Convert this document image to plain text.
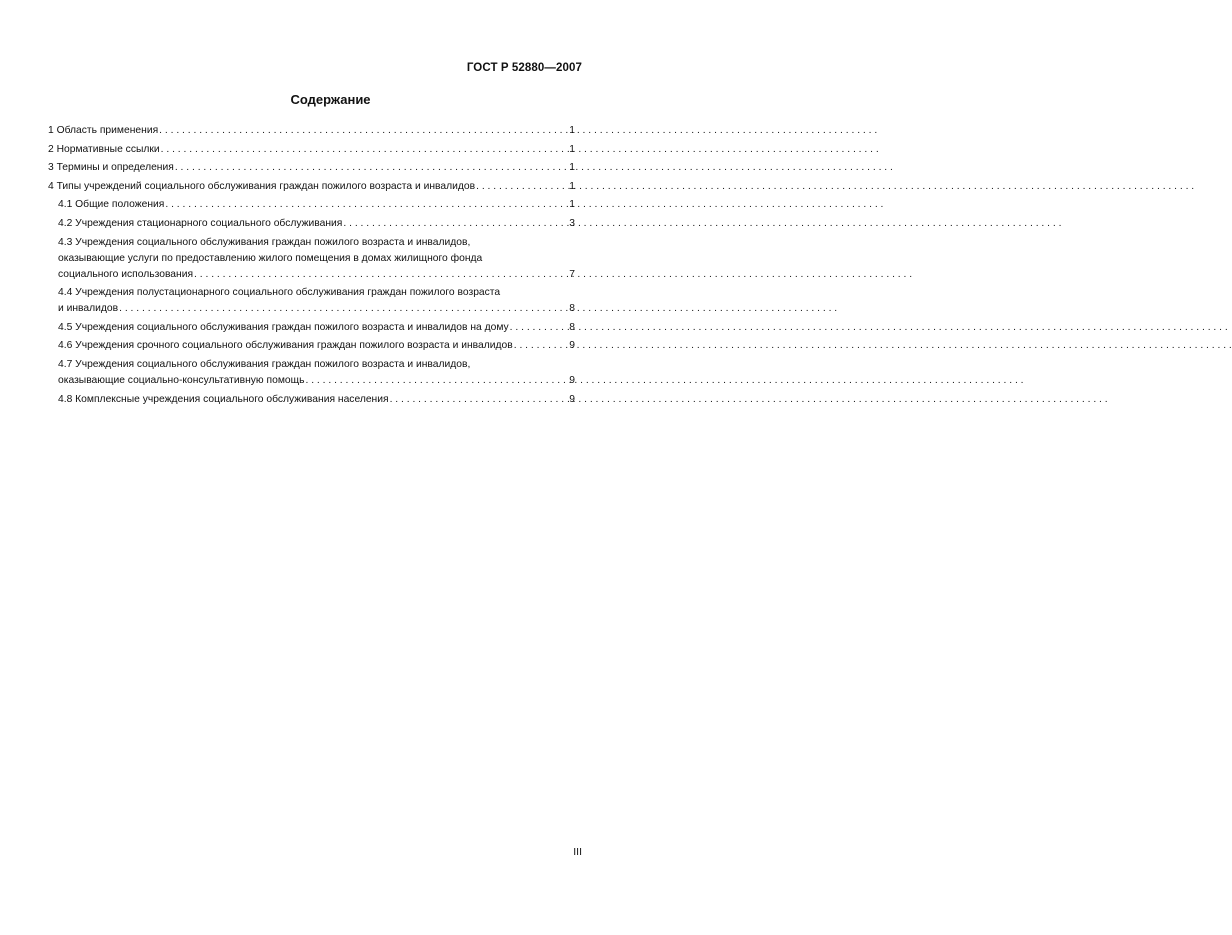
ГОСТ Р 52880—2007
Содержание
1 Область применения . . .	1
2 Нормативные ссылки . . .	1
3 Термины и определения . . .	1
4 Типы учреждений социального обслуживания граждан пожилого возраста и инвалидов . . .	1
4.1 Общие положения . . .	1
4.2 Учреждения стационарного социального обслуживания . . .	3
4.3 Учреждения социального обслуживания граждан пожилого возраста и инвалидов,
оказывающие услуги по предоставлению жилого помещения в домах жилищного фонда
социального использования . . .	7
4.4 Учреждения полустационарного социального обслуживания граждан пожилого возраста
и инвалидов . . .	8
4.5 Учреждения социального обслуживания граждан пожилого возраста и инвалидов на дому . . .	8
4.6 Учреждения срочного социального обслуживания граждан пожилого возраста и инвалидов . . .	9
4.7 Учреждения социального обслуживания граждан пожилого возраста и инвалидов,
оказывающие социально-консультативную помощь . . .	9
4.8 Комплексные учреждения социального обслуживания населения . . .	9
III
